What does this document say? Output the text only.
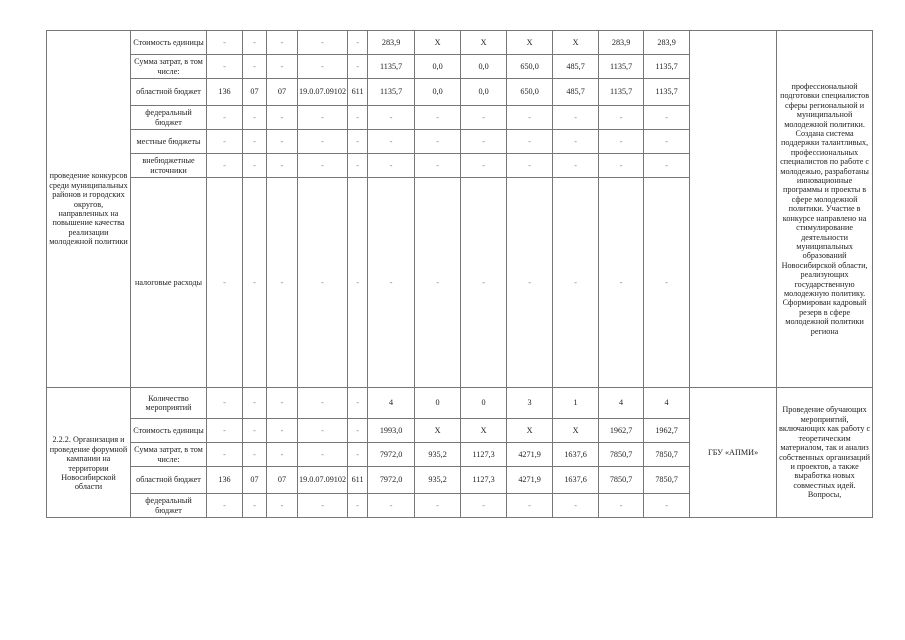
проведение конкурсов среди муниципальных районов и городских округов, направленных на повышение качества реализации молодежной политики	Стоимость единицы	-	-	-	-	-	283,9	X	X	X	X	283,9	283,9		профессиональной подготовки специалистов сферы региональной и муниципальной молодежной политики. Создана система поддержки талантливых, профессиональных специалистов по работе с молодежью, разработаны инновационные программы и проекты в сфере молодежной политики. Участие в конкурсе направлено на стимулирование деятельности муниципальных образований Новосибирской области, реализующих государственную молодежную политику. Сформирован кадровый резерв в сфере молодежной политики региона
	Сумма затрат, в том числе:	-	-	-	-	-	1135,7	0,0	0,0	650,0	485,7	1135,7	1135,7		
	областной бюджет	136	07	07	19.0.07.09102	611	1135,7	0,0	0,0	650,0	485,7	1135,7	1135,7		
	федеральный бюджет	-	-	-	-	-	-	-	-	-	-	-	-		
	местные бюджеты	-	-	-	-	-	-	-	-	-	-	-	-		
	внебюджетные источники	-	-	-	-	-	-	-	-	-	-	-	-		
	налоговые расходы	-	-	-	-	-	-	-	-	-	-	-	-		
2.2.2. Организация и проведение форумной кампании на территории Новосибирской области	Количество мероприятий	-	-	-	-	-	4	0	0	3	1	4	4	ГБУ «АПМИ»	Проведение обучающих мероприятий, включающих как работу с теоретическим материалом, так и анализ собственных организаций и проектов, а также выработка новых совместных идей. Вопросы,
	Стоимость единицы	-	-	-	-	-	1993,0	X	X	X	X	1962,7	1962,7		
	Сумма затрат, в том числе:	-	-	-	-	-	7972,0	935,2	1127,3	4271,9	1637,6	7850,7	7850,7		
	областной бюджет	136	07	07	19.0.07.09102	611	7972,0	935,2	1127,3	4271,9	1637,6	7850,7	7850,7		
	федеральный бюджет	-	-	-	-	-	-	-	-	-	-	-	-		
